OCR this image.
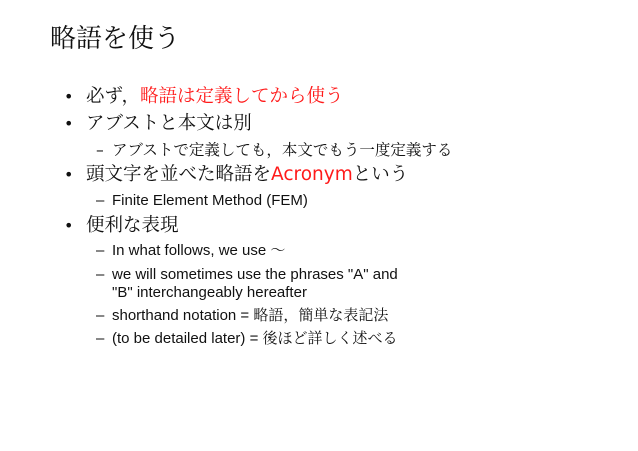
略語を使う
• 必ず，略語は定義してから使う
• アブストと本文は別
– アブストで定義しても，本文でもう一度定義する
• 頭文字を並べた略語をAcronymという
– Finite Element Method (FEM)
• 便利な表現
– In what follows, we use 〜
– we will sometimes use the phrases "A" and
"B" interchangeably hereafter
– shorthand notation = 略語，簡単な表記法
– (to be detailed later) = 後ほど詳しく述べる
